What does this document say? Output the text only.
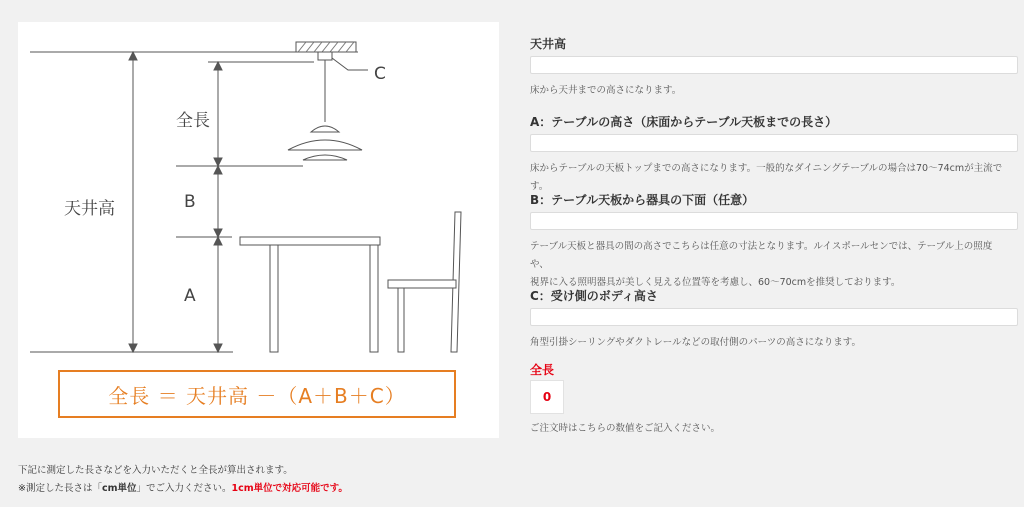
全長
天井高	B
A
C
全長 ＝ 天井高 －（A＋B＋C）

天井高

床から天井までの高さになります。

A：テーブルの高さ（床面からテーブル天板までの長さ）

床からテーブルの天板トップまでの高さになります。一般的なダイニングテーブルの場合は70〜74cmが主流です。

B：テーブル天板から器具の下面（任意）

テーブル天板と器具の間の高さでこちらは任意の寸法となります。ルイスポールセンでは、テーブル上の照度や、
視界に入る照明器具が美しく見える位置等を考慮し、60〜70cmを推奨しております。

C：受け側のボディ高さ

角型引掛シーリングやダクトレールなどの取付側のパーツの高さになります。

全長

0
ご注文時はこちらの数値をご記入ください。
下記に測定した長さなどを入力いただくと全長が算出されます。
※測定した長さは「cm単位」でご入力ください。1cm単位で対応可能です。
